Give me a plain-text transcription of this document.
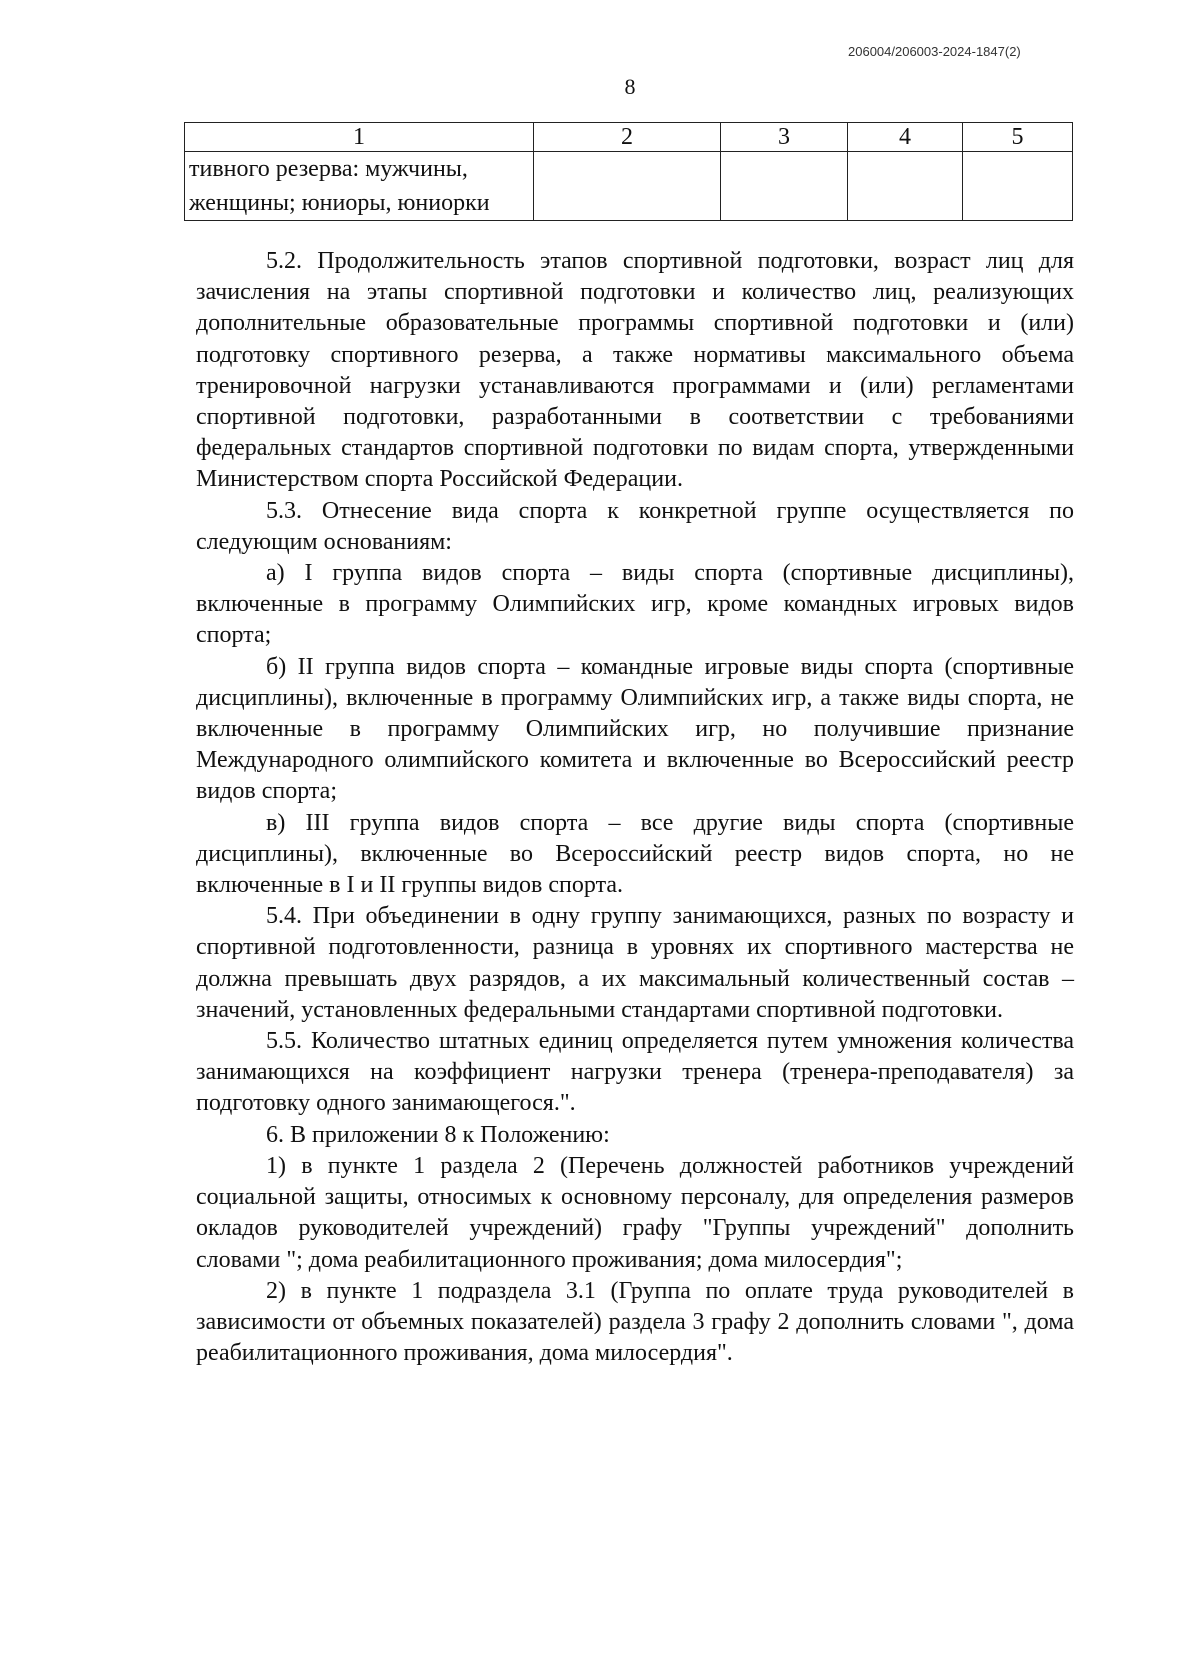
206004/206003-2024-1847(2)
8
1	2	3	4	5

тивного резерва: мужчины,
женщины; юниоры, юниорки				

5.2. Продолжительность этапов спортивной подготовки, возраст лиц для зачисления на этапы спортивной подготовки и количество лиц, реализующих дополнительные образовательные программы спортивной подготовки и (или) подготовку спортивного резерва, а также нормативы максимального объема тренировочной нагрузки устанавливаются программами и (или) регламентами спортивной подготовки, разработанными в соответствии с требованиями федеральных стандартов спортивной подготовки по видам спорта, утвержденными Министерством спорта Российской Федерации.

5.3. Отнесение вида спорта к конкретной группе осуществляется по следующим основаниям:

а) I группа видов спорта – виды спорта (спортивные дисциплины), включенные в программу Олимпийских игр, кроме командных игровых видов спорта;

б) II группа видов спорта – командные игровые виды спорта (спортивные дисциплины), включенные в программу Олимпийских игр, а также виды спорта, не включенные в программу Олимпийских игр, но получившие признание Международного олимпийского комитета и включенные во Всероссийский реестр видов спорта;

в) III группа видов спорта – все другие виды спорта (спортивные дисциплины), включенные во Всероссийский реестр видов спорта, но не включенные в I и II группы видов спорта.

5.4. При объединении в одну группу занимающихся, разных по возрасту и спортивной подготовленности, разница в уровнях их спортивного мастерства не должна превышать двух разрядов, а их максимальный количественный состав – значений, установленных федеральными стандартами спортивной подготовки.

5.5. Количество штатных единиц определяется путем умножения количества занимающихся на коэффициент нагрузки тренера (тренера-преподавателя) за подготовку одного занимающегося.".

6. В приложении 8 к Положению:

1) в пункте 1 раздела 2 (Перечень должностей работников учреждений социальной защиты, относимых к основному персоналу, для определения размеров окладов руководителей учреждений) графу "Группы учреждений" дополнить словами "; дома реабилитационного проживания; дома милосердия";

2) в пункте 1 подраздела 3.1 (Группа по оплате труда руководителей в зависимости от объемных показателей) раздела 3 графу 2 дополнить словами ", дома реабилитационного проживания, дома милосердия".
